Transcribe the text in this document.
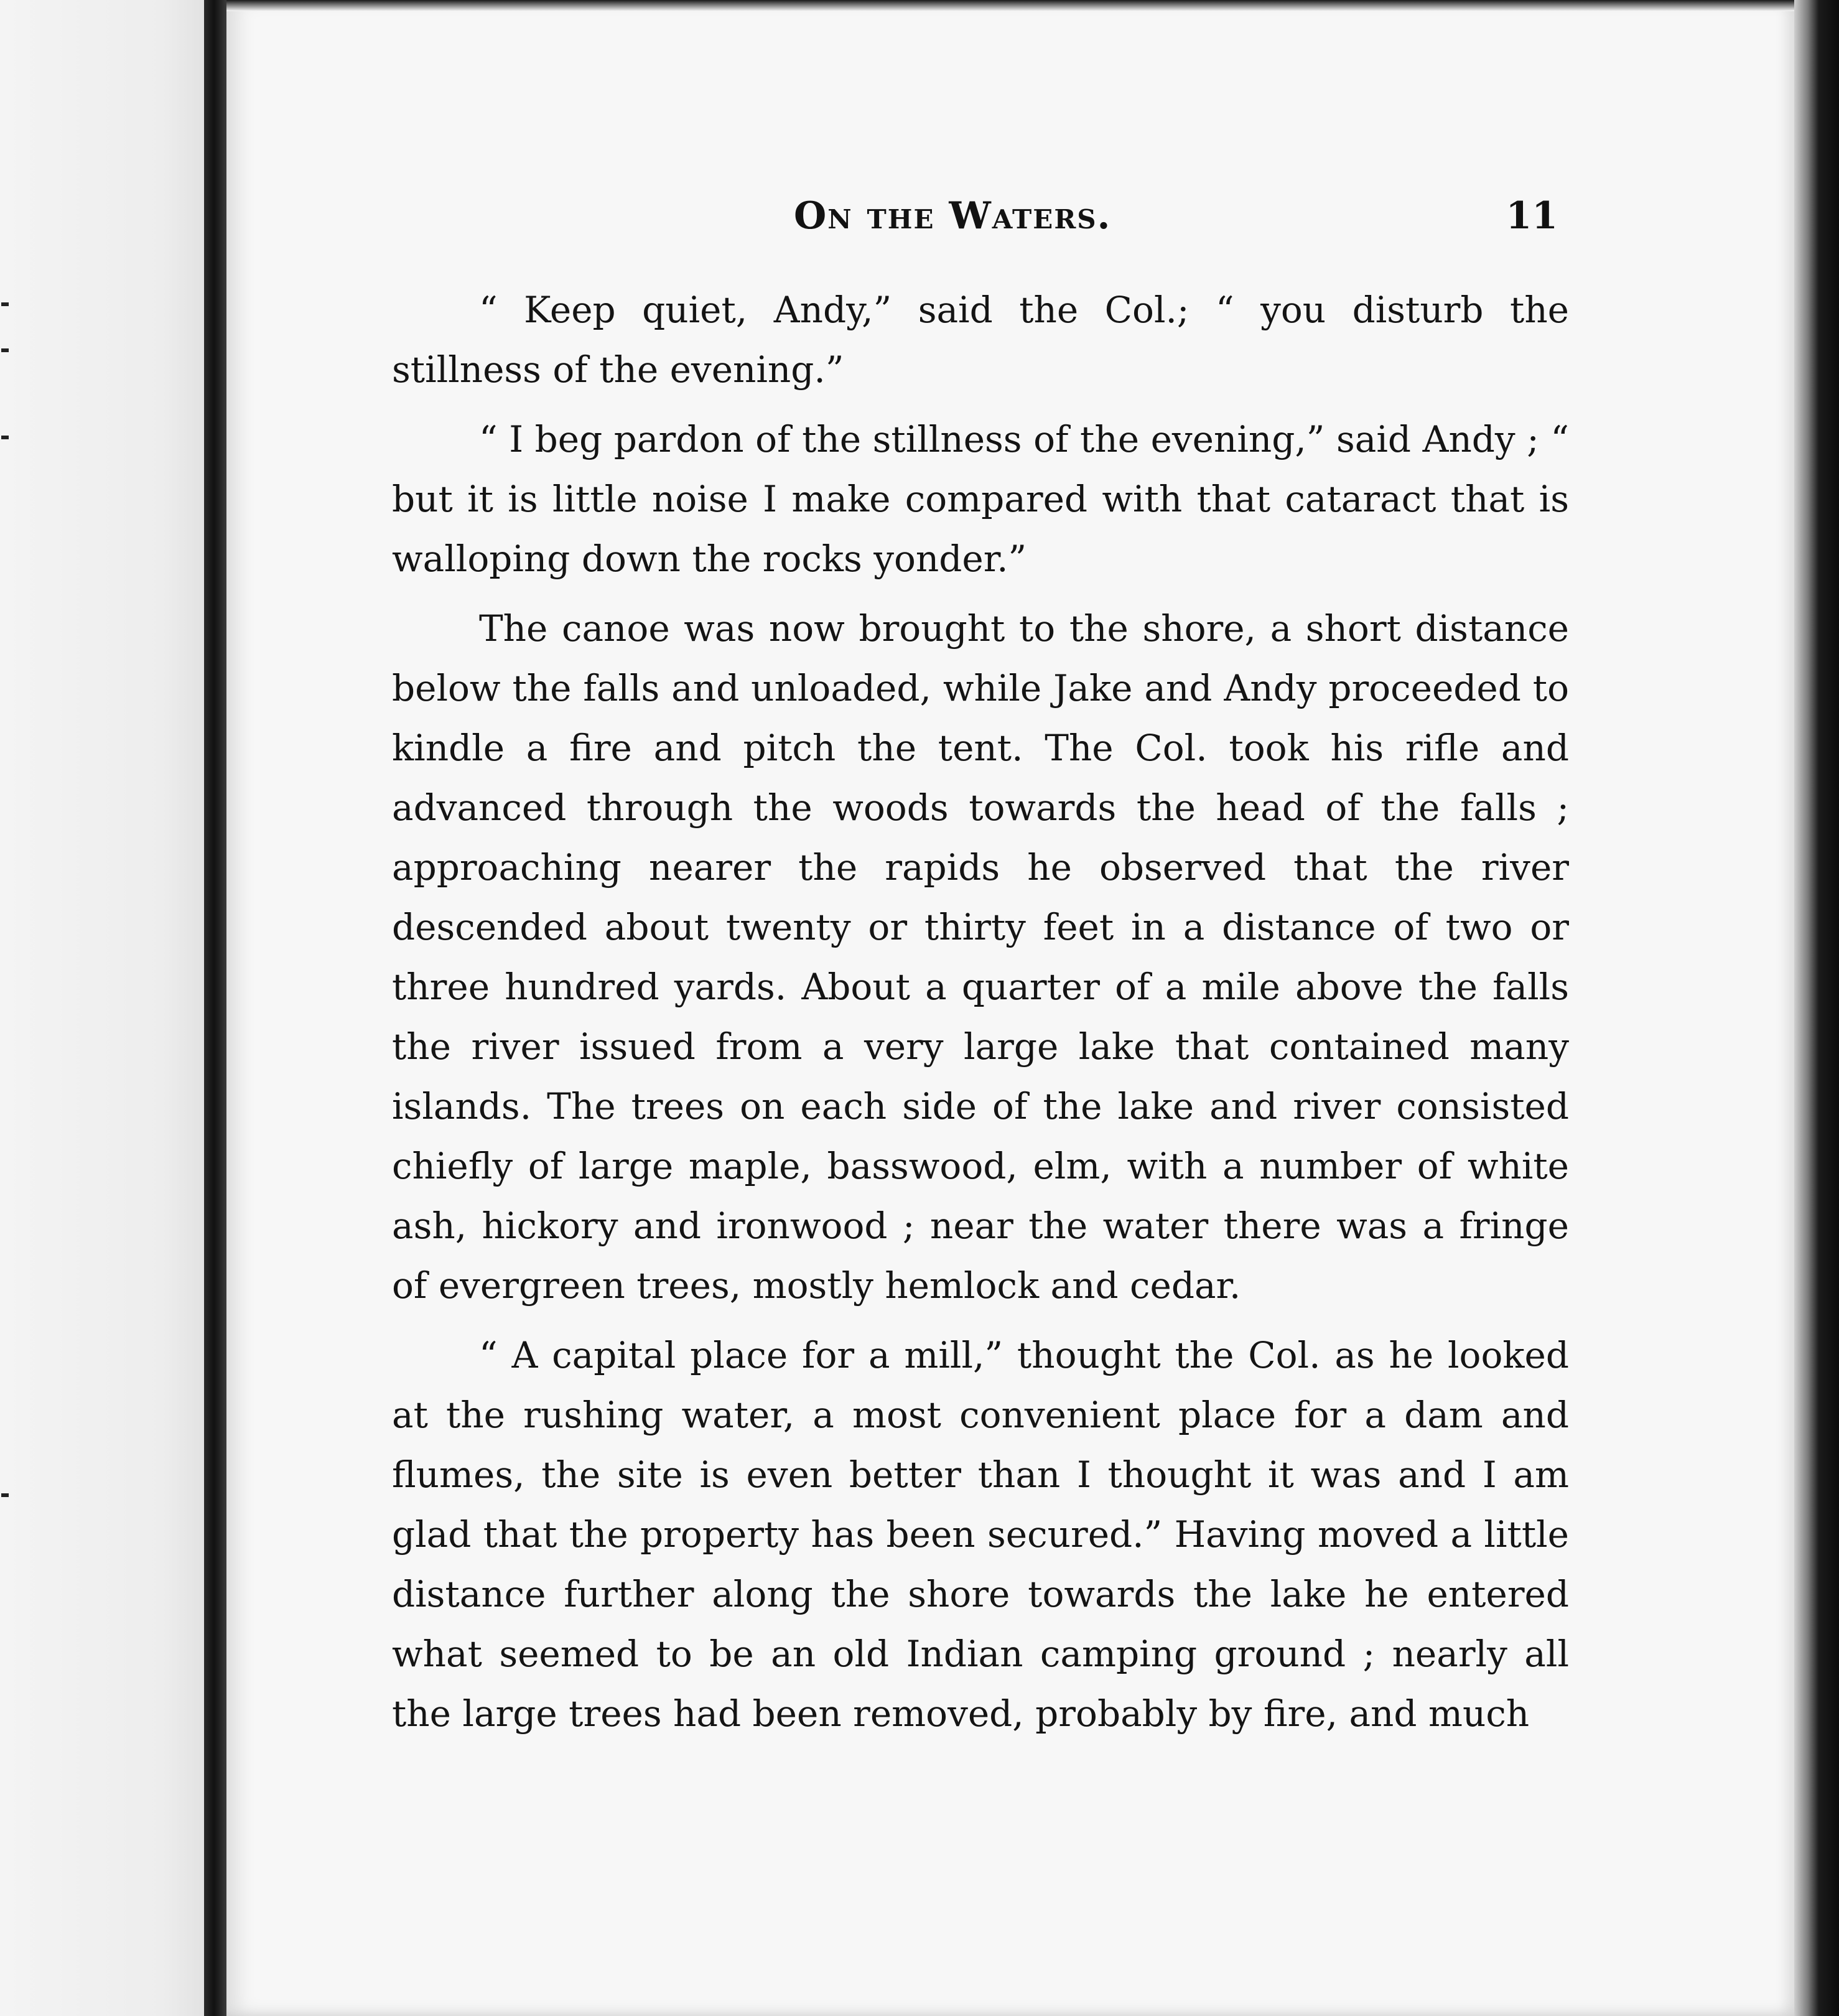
On the Waters.	11

“ Keep quiet, Andy,” said the Col.; “ you disturb the stillness of the evening.”

“ I beg pardon of the stillness of the evening,” said Andy ; “ but it is little noise I make compared with that cataract that is walloping down the rocks yonder.”

The canoe was now brought to the shore, a short distance below the falls and unloaded, while Jake and Andy proceeded to kindle a fire and pitch the tent. The Col. took his rifle and advanced through the woods towards the head of the falls ; approaching nearer the rapids he observed that the river descended about twenty or thirty feet in a distance of two or three hundred yards. About a quarter of a mile above the falls the river issued from a very large lake that contained many islands. The trees on each side of the lake and river consisted chiefly of large maple, basswood, elm, with a number of white ash, hickory and ironwood ; near the water there was a fringe of evergreen trees, mostly hemlock and cedar.

“ A capital place for a mill,” thought the Col. as he looked at the rushing water, a most convenient place for a dam and flumes, the site is even better than I thought it was and I am glad that the property has been secured.” Having moved a little distance further along the shore towards the lake he entered what seemed to be an old Indian camping ground ; nearly all the large trees had been removed, probably by fire, and much
